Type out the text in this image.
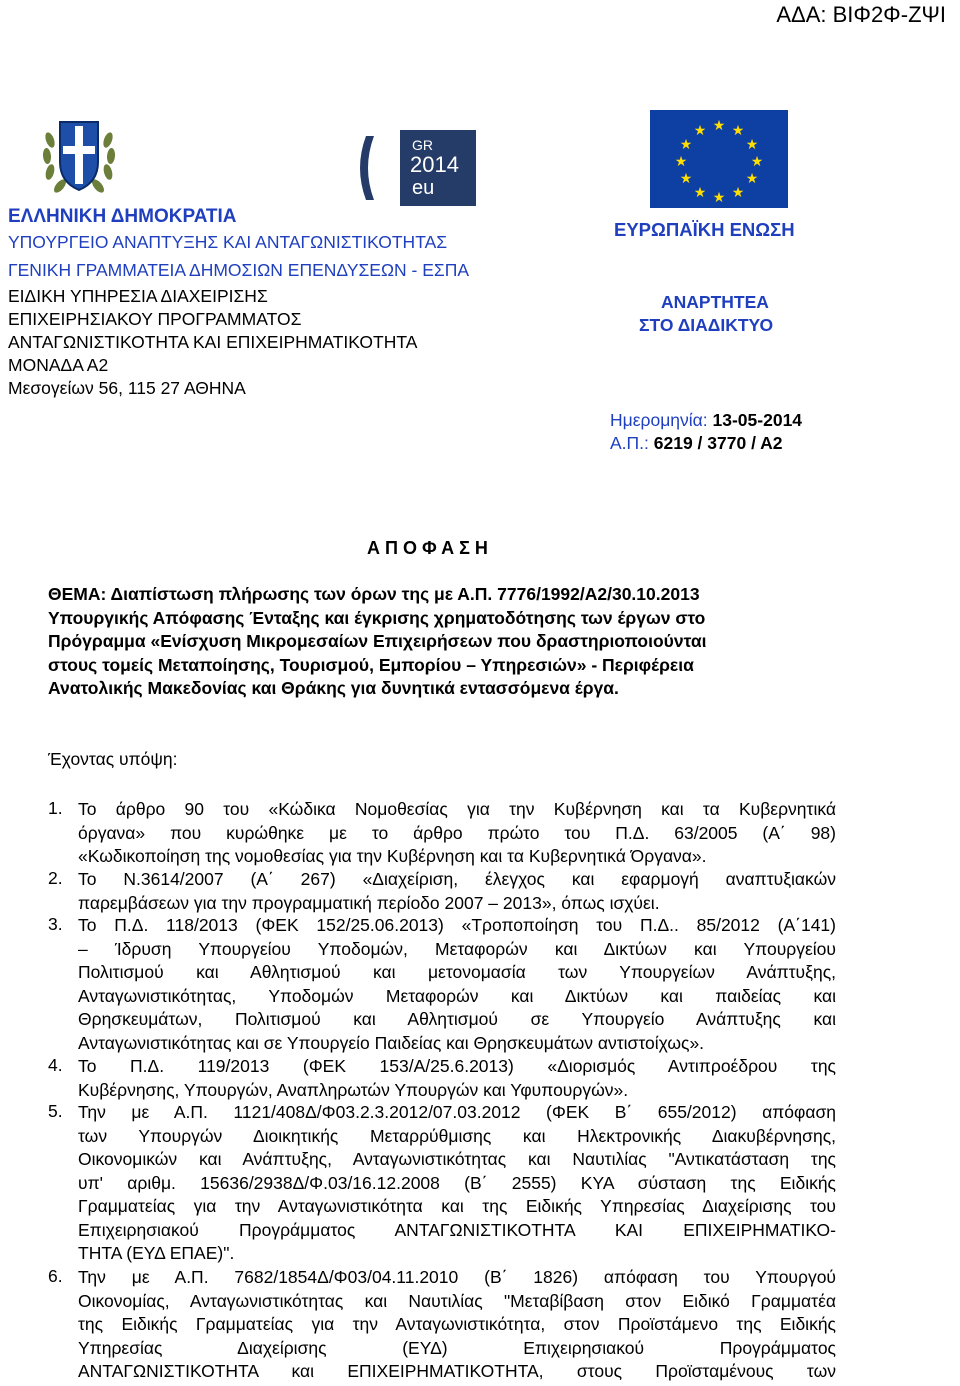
ΑΔΑ: ΒΙΦ2Φ-ΖΨΙ
GR
2014
eu
★ ★
★
★
★
★
★
★
★
★
★
★
ΕΛΛΗΝΙΚΗ ΔΗΜΟΚΡΑΤΙΑ
ΥΠΟΥΡΓΕΙΟ ΑΝΑΠΤΥΞΗΣ ΚΑΙ ΑΝΤΑΓΩΝΙΣΤΙΚΟΤΗΤΑΣ
ΓΕΝΙΚΗ ΓΡΑΜΜΑΤΕΙΑ ΔΗΜΟΣΙΩΝ ΕΠΕΝΔΥΣΕΩΝ - ΕΣΠΑ
ΕΙΔΙΚΗ ΥΠΗΡΕΣΙΑ ΔΙΑΧΕΙΡΙΣΗΣ
ΕΠΙΧΕΙΡΗΣΙΑΚΟΥ ΠΡΟΓΡΑΜΜΑΤΟΣ
ΑΝΤΑΓΩΝΙΣΤΙΚΟΤΗΤΑ ΚΑΙ ΕΠΙΧΕΙΡΗΜΑΤΙΚΟΤΗΤΑ
ΜΟΝΑΔΑ Α2
Μεσογείων 56, 115 27 ΑΘΗΝΑ
ΕΥΡΩΠΑΪΚΗ ΕΝΩΣΗ
ΑΝΑΡΤΗΤΕΑ
ΣΤΟ ΔΙΑΔΙΚΤΥΟ
Ημερομηνία: 13-05-2014
Α.Π.: 6219 / 3770 / Α2
Α Π Ο Φ Α Σ Η
ΘΕΜΑ: Διαπίστωση πλήρωσης των όρων της με Α.Π. 7776/1992/Α2/30.10.2013
Υπουργικής Απόφασης Ένταξης και έγκρισης χρηματοδότησης των έργων στο
Πρόγραμμα «Ενίσχυση Μικρομεσαίων Επιχειρήσεων που δραστηριοποιούνται
στους τομείς Μεταποίησης, Τουρισμού, Εμπορίου – Υπηρεσιών» - Περιφέρεια
Ανατολικής Μακεδονίας και Θράκης για δυνητικά εντασσόμενα έργα.
Έχοντας υπόψη:
1. Το άρθρο 90 του «Κώδικα Νομοθεσίας για την Κυβέρνηση και τα Κυβερνητικά
όργανα» που κυρώθηκε με το άρθρο πρώτο του Π.Δ. 63/2005 (Α΄ 98)
«Κωδικοποίηση της νομοθεσίας για την Κυβέρνηση και τα Κυβερνητικά Όργανα».
2. Το Ν.3614/2007 (Α΄ 267) «Διαχείριση, έλεγχος και εφαρμογή αναπτυξιακών
παρεμβάσεων για την προγραμματική περίοδο 2007 – 2013», όπως ισχύει.
3. Το Π.Δ. 118/2013 (ΦΕΚ 152/25.06.2013) «Τροποποίηση του Π.Δ.. 85/2012 (Α΄141)
– Ίδρυση Υπουργείου Υποδομών, Μεταφορών και Δικτύων και Υπουργείου
Πολιτισμού και Αθλητισμού και μετονομασία των Υπουργείων Ανάπτυξης,
Ανταγωνιστικότητας, Υποδομών Μεταφορών και Δικτύων και παιδείας και
Θρησκευμάτων, Πολιτισμού και Αθλητισμού σε Υπουργείο Ανάπτυξης και
Ανταγωνιστικότητας και σε Υπουργείο Παιδείας και Θρησκευμάτων αντιστοίχως».
4. Το Π.Δ. 119/2013 (ΦΕΚ 153/Α/25.6.2013) «Διορισμός Αντιπροέδρου της
Κυβέρνησης, Υπουργών, Αναπληρωτών Υπουργών και Υφυπουργών».
5. Την με Α.Π. 1121/408Δ/Φ03.2.3.2012/07.03.2012 (ΦΕΚ Β΄ 655/2012) απόφαση
των Υπουργών Διοικητικής Μεταρρύθμισης και Ηλεκτρονικής Διακυβέρνησης,
Οικονομικών και Ανάπτυξης, Ανταγωνιστικότητας και Ναυτιλίας "Αντικατάσταση της
υπ' αριθμ. 15636/2938Δ/Φ.03/16.12.2008 (Β΄ 2555) ΚΥΑ σύσταση της Ειδικής
Γραμματείας για την Ανταγωνιστικότητα και της Ειδικής Υπηρεσίας Διαχείρισης του
Επιχειρησιακού Προγράμματος ΑΝΤΑΓΩΝΙΣΤΙΚΟΤΗΤΑ ΚΑΙ ΕΠΙΧΕΙΡΗΜΑΤΙΚΟ-
ΤΗΤΑ (ΕΥΔ ΕΠΑΕ)".
6. Την με Α.Π. 7682/1854Δ/Φ03/04.11.2010 (Β΄ 1826) απόφαση του Υπουργού
Οικονομίας, Ανταγωνιστικότητας και Ναυτιλίας "Μεταβίβαση στον Ειδικό Γραμματέα
της Ειδικής Γραμματείας για την Ανταγωνιστικότητα, στον Προϊστάμενο της Ειδικής
Υπηρεσίας Διαχείρισης (ΕΥΔ) Επιχειρησιακού Προγράμματος
ΑΝΤΑΓΩΝΙΣΤΙΚΟΤΗΤΑ και ΕΠΙΧΕΙΡΗΜΑΤΙΚΟΤΗΤΑ, στους Προϊσταμένους των
